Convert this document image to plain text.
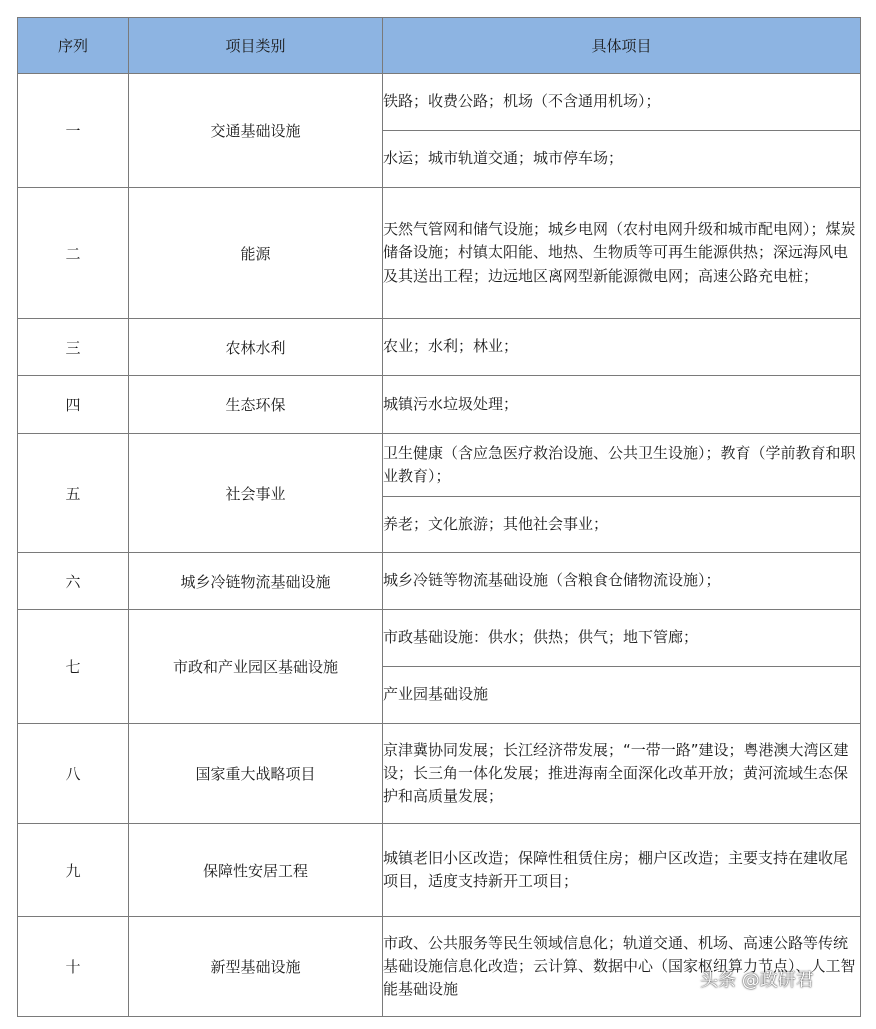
序列	项目类别	具体项目
一	交通基础设施	铁路；收费公路；机场（不含通用机场）；
		水运；城市轨道交通；城市停车场；
二	能源	天然气管网和储气设施；城乡电网（农村电网升级和城市配电网）；煤炭储备设施；村镇太阳能、地热、生物质等可再生能源供热；深远海风电及其送出工程；边远地区离网型新能源微电网；高速公路充电桩；
三	农林水利	农业；水利；林业；
四	生态环保	城镇污水垃圾处理；
五	社会事业	卫生健康（含应急医疗救治设施、公共卫生设施）；教育（学前教育和职业教育）；
		养老；文化旅游；其他社会事业；
六	城乡冷链物流基础设施	城乡冷链等物流基础设施（含粮食仓储物流设施）；
七	市政和产业园区基础设施	市政基础设施：供水；供热；供气；地下管廊；
		产业园基础设施
八	国家重大战略项目	京津冀协同发展；长江经济带发展；“一带一路”建设；粤港澳大湾区建设；长三角一体化发展；推进海南全面深化改革开放；黄河流域生态保护和高质量发展；
九	保障性安居工程	城镇老旧小区改造；保障性租赁住房；棚户区改造；主要支持在建收尾项目，适度支持新开工项目；
十	新型基础设施	市政、公共服务等民生领域信息化；轨道交通、机场、高速公路等传统基础设施信息化改造；云计算、数据中心（国家枢纽算力节点）、人工智能基础设施	头条 @政研君
